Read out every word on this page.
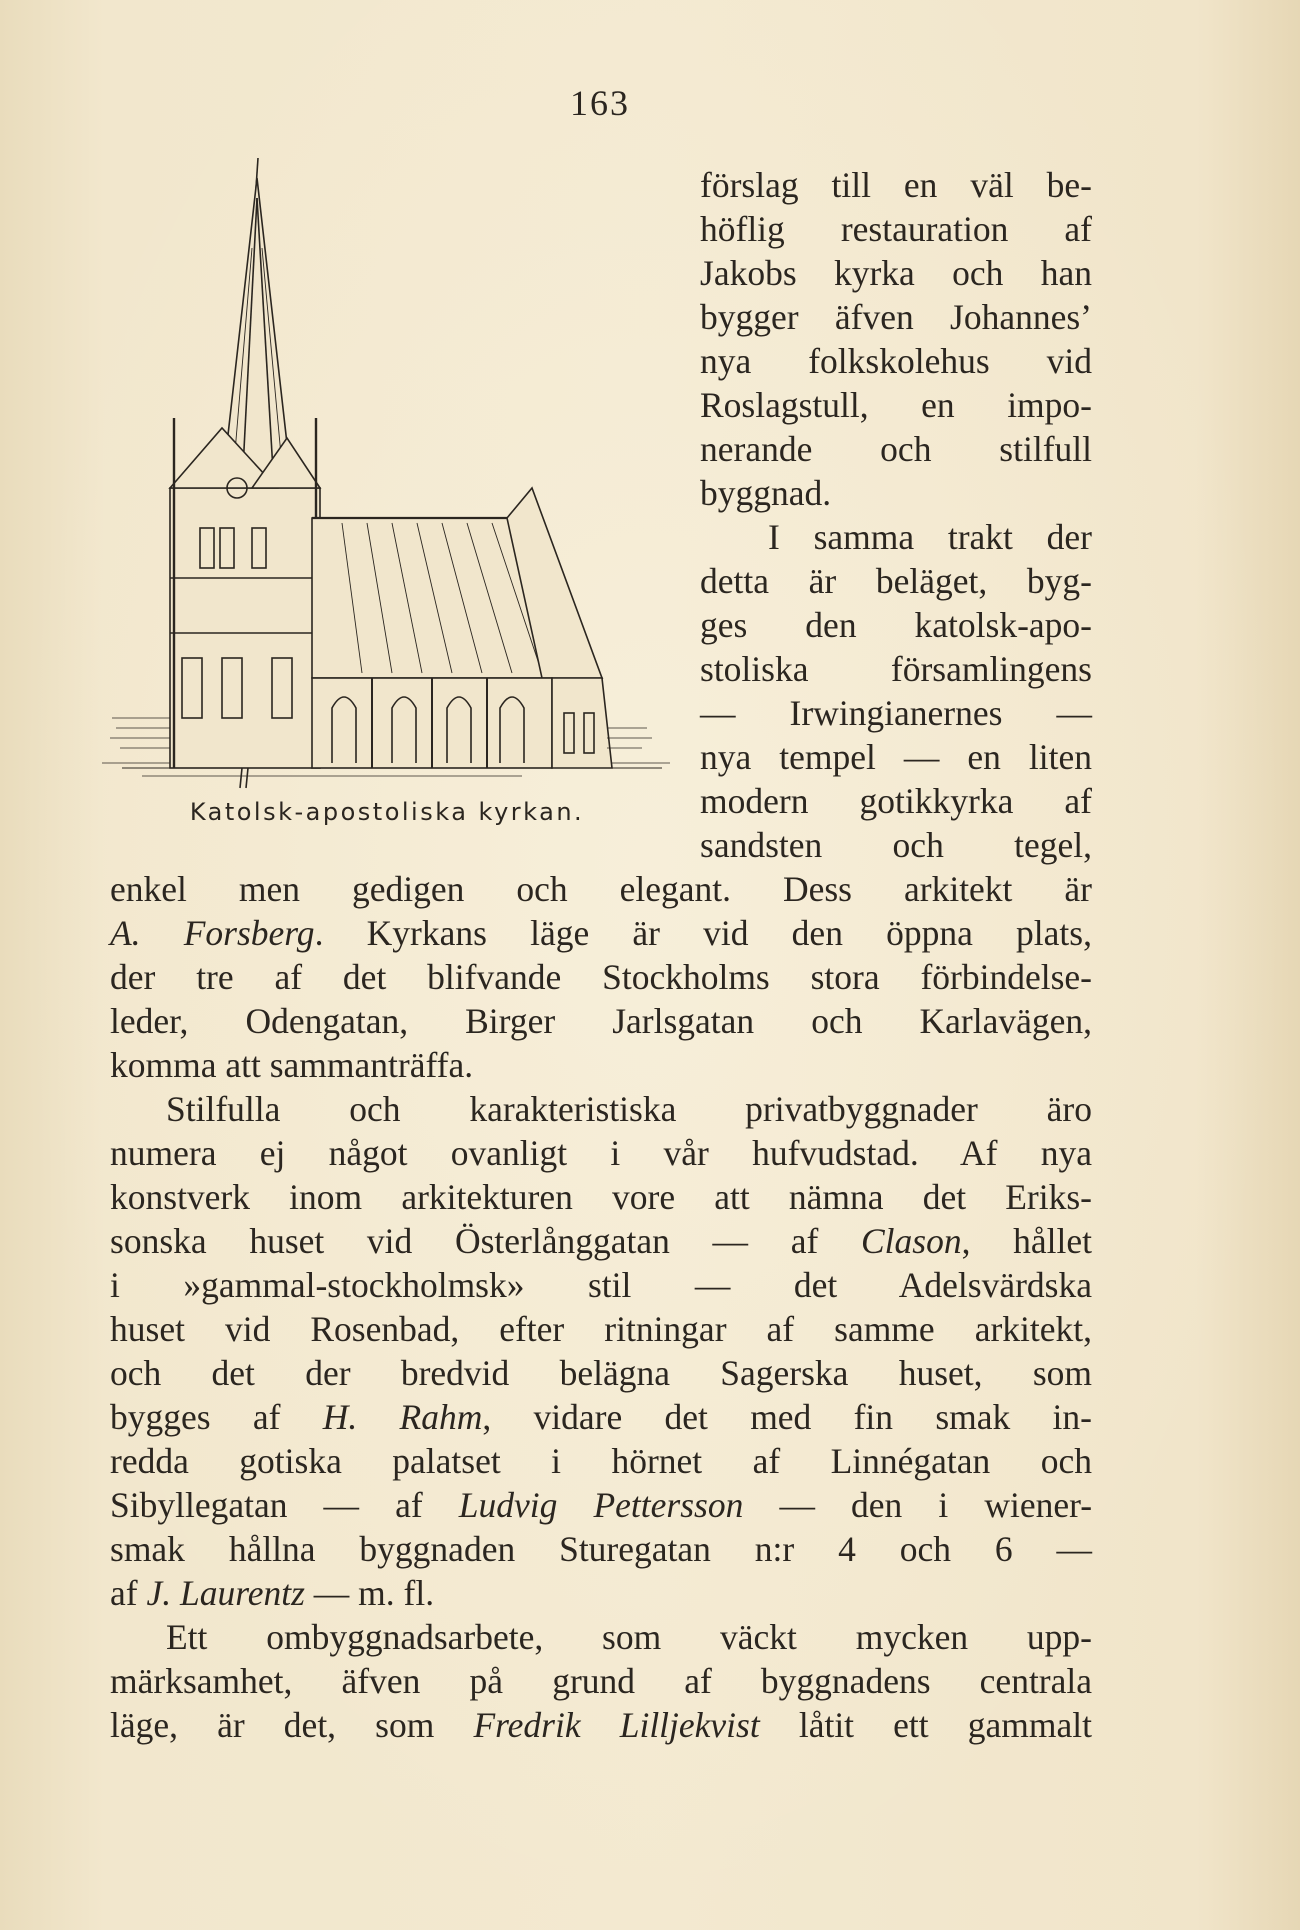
163
Katolsk-apostoliska kyrkan.
förslag till en väl be-
höflig restauration af
Jakobs kyrka och han
bygger äfven Johannes’
nya folkskolehus vid
Roslagstull, en impo-
nerande och stilfull
byggnad.
I samma trakt der
detta är beläget, byg-
ges den katolsk-apo-
stoliska församlingens
— Irwingianernes —
nya tempel — en liten
modern gotikkyrka af
sandsten och tegel,
enkel men gedigen och elegant. Dess arkitekt är
A. Forsberg. Kyrkans läge är vid den öppna plats,
der tre af det blifvande Stockholms stora förbindelse-
leder, Odengatan, Birger Jarlsgatan och Karlavägen,
komma att sammanträffa.
Stilfulla och karakteristiska privatbyggnader äro
numera ej något ovanligt i vår hufvudstad. Af nya
konstverk inom arkitekturen vore att nämna det Eriks-
sonska huset vid Österlånggatan — af Clason, hållet
i »gammal-stockholmsk» stil — det Adelsvärdska
huset vid Rosenbad, efter ritningar af samme arkitekt,
och det der bredvid belägna Sagerska huset, som
bygges af H. Rahm, vidare det med fin smak in-
redda gotiska palatset i hörnet af Linnégatan och
Sibyllegatan — af Ludvig Pettersson — den i wiener-
smak hållna byggnaden Sturegatan n:r 4 och 6 —
af J. Laurentz — m. fl.
Ett ombyggnadsarbete, som väckt mycken upp-
märksamhet, äfven på grund af byggnadens centrala
läge, är det, som Fredrik Lilljekvist låtit ett gammalt
